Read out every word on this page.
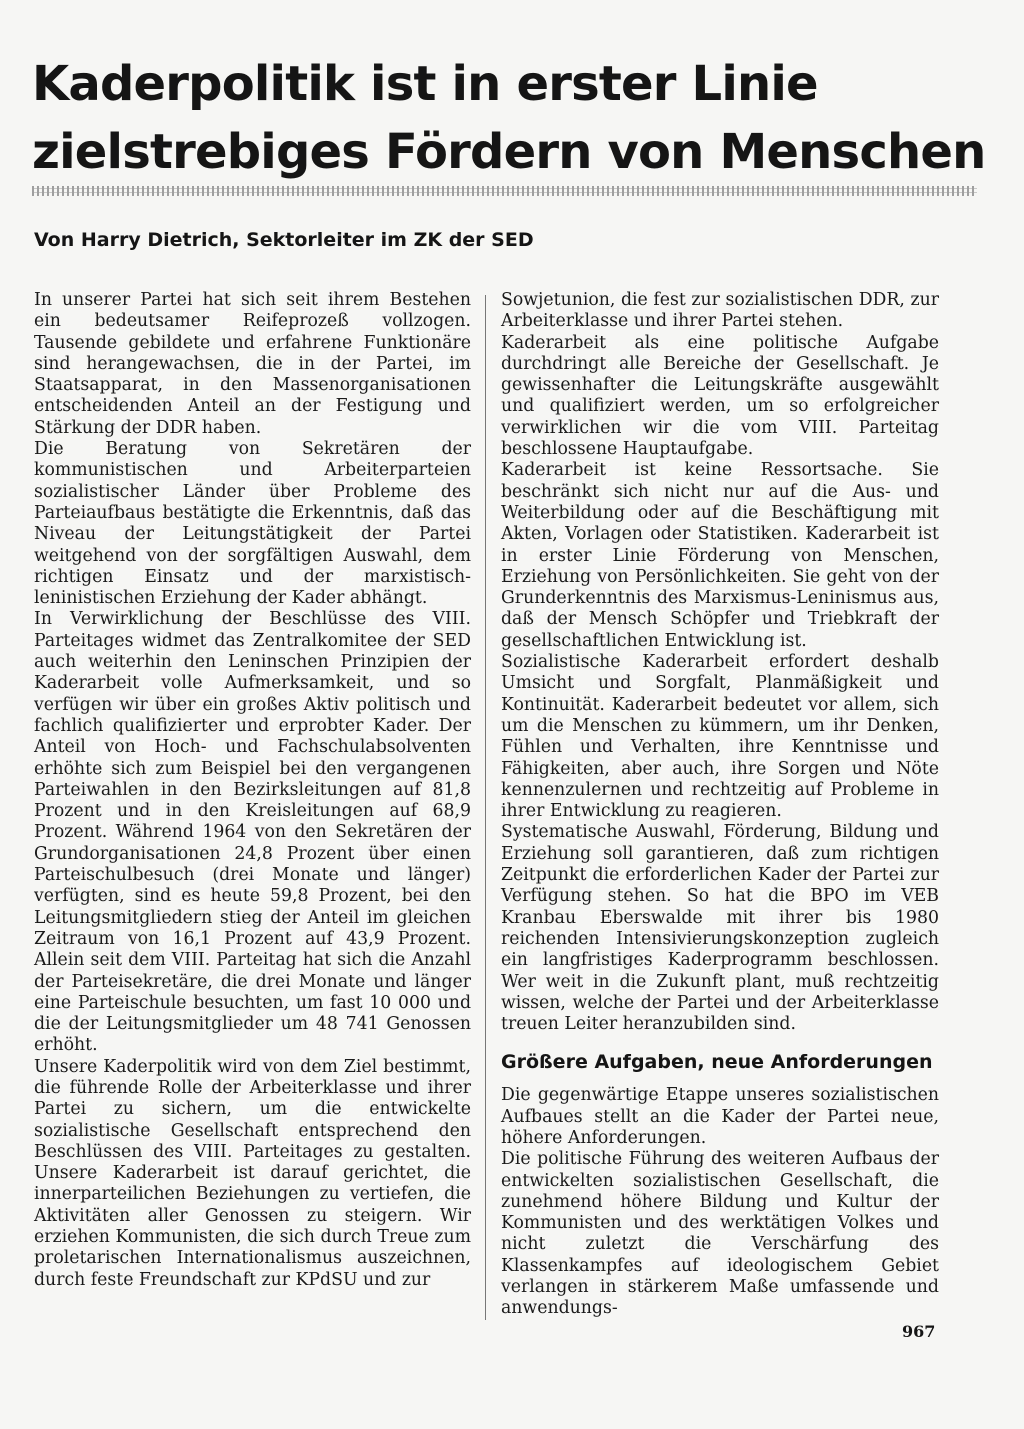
Kaderpolitik ist in erster Linie
zielstrebiges Fördern von Menschen

Von Harry Dietrich, Sektorleiter im ZK der SED

In unserer Partei hat sich seit ihrem Bestehen ein bedeutsamer Reifeprozeß vollzogen. Tausende gebildete und erfahrene Funktionäre sind herangewachsen, die in der Partei, im Staatsapparat, in den Massenorganisationen entscheidenden Anteil an der Festigung und Stärkung der DDR haben.

Die Beratung von Sekretären der kommunistischen und Arbeiterparteien sozialistischer Länder über Probleme des Parteiaufbaus bestätigte die Erkenntnis, daß das Niveau der Leitungstätigkeit der Partei weitgehend von der sorgfältigen Auswahl, dem richtigen Einsatz und der marxistisch-leninistischen Erziehung der Kader abhängt.

In Verwirklichung der Beschlüsse des VIII. Parteitages widmet das Zentralkomitee der SED auch weiterhin den Leninschen Prinzipien der Kaderarbeit volle Aufmerksamkeit, und so verfügen wir über ein großes Aktiv politisch und fachlich qualifizierter und erprobter Kader. Der Anteil von Hoch- und Fachschulabsolventen erhöhte sich zum Beispiel bei den vergangenen Parteiwahlen in den Bezirksleitungen auf 81,8 Prozent und in den Kreisleitungen auf 68,9 Prozent. Während 1964 von den Sekretären der Grundorganisationen 24,8 Prozent über einen Parteischulbesuch (drei Monate und länger) verfügten, sind es heute 59,8 Prozent, bei den Leitungsmitgliedern stieg der Anteil im gleichen Zeitraum von 16,1 Prozent auf 43,9 Prozent. Allein seit dem VIII. Parteitag hat sich die Anzahl der Parteisekretäre, die drei Monate und länger eine Parteischule besuchten, um fast 10 000 und die der Leitungsmitglieder um 48 741 Genossen erhöht.

Unsere Kaderpolitik wird von dem Ziel bestimmt, die führende Rolle der Arbeiterklasse und ihrer Partei zu sichern, um die entwickelte sozialistische Gesellschaft entsprechend den Beschlüssen des VIII. Parteitages zu gestalten. Unsere Kaderarbeit ist darauf gerichtet, die innerparteilichen Beziehungen zu vertiefen, die Aktivitäten aller Genossen zu steigern. Wir erziehen Kommunisten, die sich durch Treue zum proletarischen Internationalismus auszeichnen, durch feste Freundschaft zur KPdSU und zur

Sowjetunion, die fest zur sozialistischen DDR, zur Arbeiterklasse und ihrer Partei stehen.

Kaderarbeit als eine politische Aufgabe durchdringt alle Bereiche der Gesellschaft. Je gewissenhafter die Leitungskräfte ausgewählt und qualifiziert werden, um so erfolgreicher verwirklichen wir die vom VIII. Parteitag beschlossene Hauptaufgabe.

Kaderarbeit ist keine Ressortsache. Sie beschränkt sich nicht nur auf die Aus- und Weiterbildung oder auf die Beschäftigung mit Akten, Vorlagen oder Statistiken. Kaderarbeit ist in erster Linie Förderung von Menschen, Erziehung von Persönlichkeiten. Sie geht von der Grunderkenntnis des Marxismus-Leninismus aus, daß der Mensch Schöpfer und Triebkraft der gesellschaftlichen Entwicklung ist.

Sozialistische Kaderarbeit erfordert deshalb Umsicht und Sorgfalt, Planmäßigkeit und Kontinuität. Kaderarbeit bedeutet vor allem, sich um die Menschen zu kümmern, um ihr Denken, Fühlen und Verhalten, ihre Kenntnisse und Fähigkeiten, aber auch, ihre Sorgen und Nöte kennenzulernen und rechtzeitig auf Probleme in ihrer Entwicklung zu reagieren.

Systematische Auswahl, Förderung, Bildung und Erziehung soll garantieren, daß zum richtigen Zeitpunkt die erforderlichen Kader der Partei zur Verfügung stehen. So hat die BPO im VEB Kranbau Eberswalde mit ihrer bis 1980 reichenden Intensivierungskonzeption zugleich ein langfristiges Kaderprogramm beschlossen. Wer weit in die Zukunft plant, muß rechtzeitig wissen, welche der Partei und der Arbeiterklasse treuen Leiter heranzubilden sind.

Größere Aufgaben, neue Anforderungen

Die gegenwärtige Etappe unseres sozialistischen Aufbaues stellt an die Kader der Partei neue, höhere Anforderungen.

Die politische Führung des weiteren Aufbaus der entwickelten sozialistischen Gesellschaft, die zunehmend höhere Bildung und Kultur der Kommunisten und des werktätigen Volkes und nicht zuletzt die Verschärfung des Klassenkampfes auf ideologischem Gebiet verlangen in stärkerem Maße umfassende und anwendungs-

967
